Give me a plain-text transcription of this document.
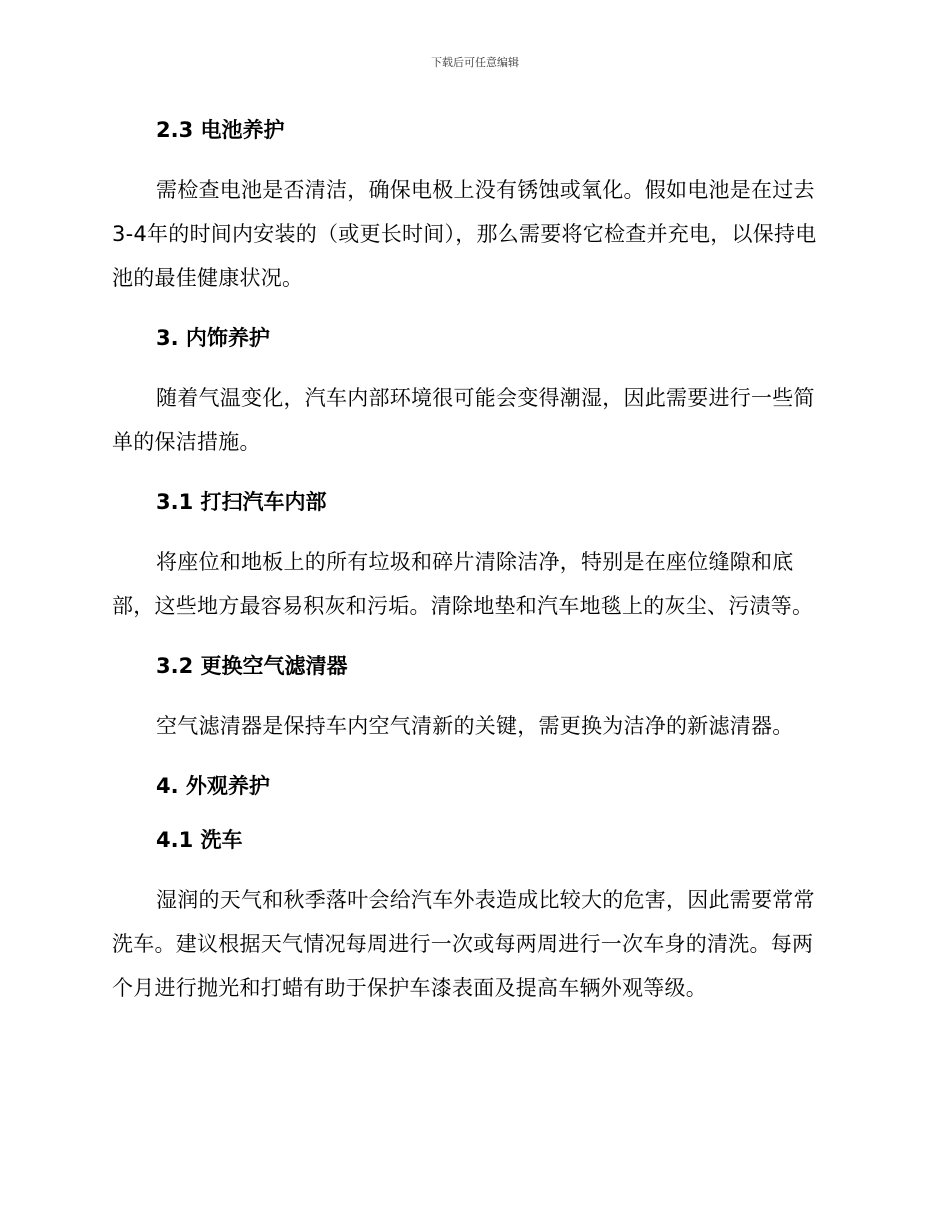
下载后可任意编辑
2.3 电池养护

需检查电池是否清洁，确保电极上没有锈蚀或氧化。假如电池是在过去3-4年的时间内安装的（或更长时间），那么需要将它检查并充电，以保持电池的最佳健康状况。

3. 内饰养护

随着气温变化，汽车内部环境很可能会变得潮湿，因此需要进行一些简单的保洁措施。

3.1 打扫汽车内部

将座位和地板上的所有垃圾和碎片清除洁净，特别是在座位缝隙和底部，这些地方最容易积灰和污垢。清除地垫和汽车地毯上的灰尘、污渍等。

3.2 更换空气滤清器

空气滤清器是保持车内空气清新的关键，需更换为洁净的新滤清器。

4. 外观养护
4.1 洗车

湿润的天气和秋季落叶会给汽车外表造成比较大的危害，因此需要常常洗车。建议根据天气情况每周进行一次或每两周进行一次车身的清洗。每两个月进行抛光和打蜡有助于保护车漆表面及提高车辆外观等级。
